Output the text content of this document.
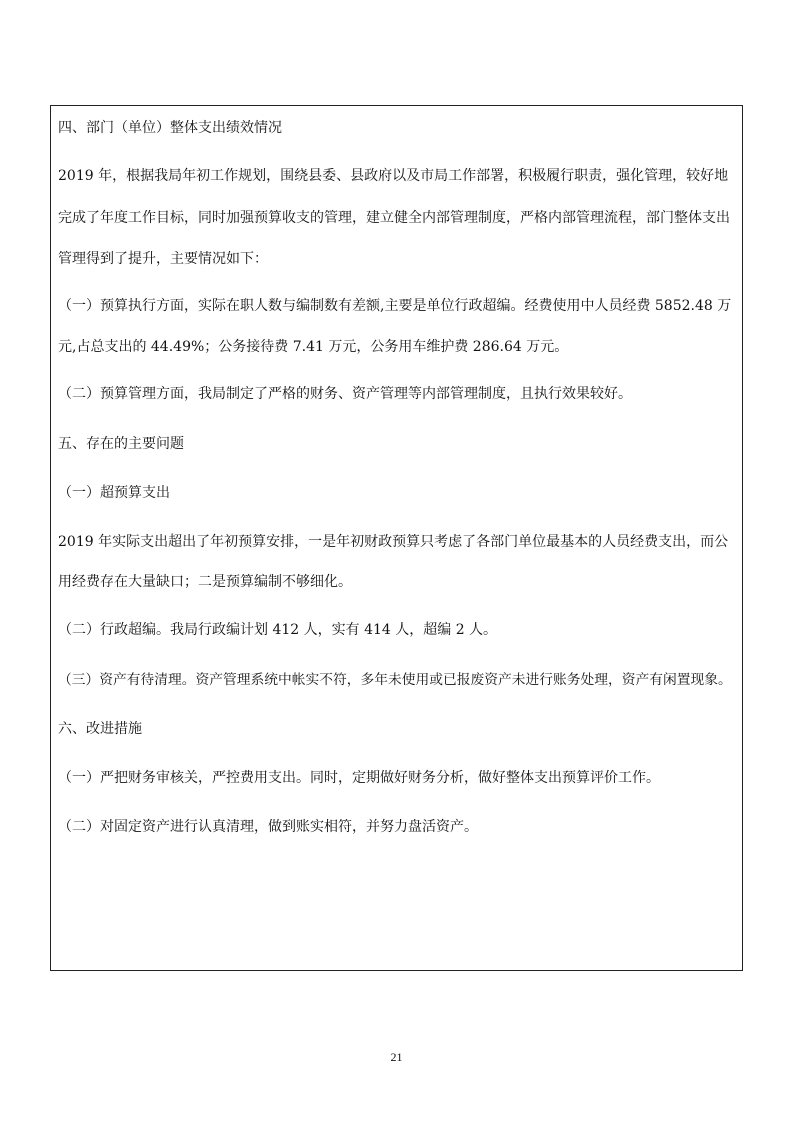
四、部门（单位）整体支出绩效情况
2019 年，根据我局年初工作规划，围绕县委、县政府以及市局工作部署，积极履行职责，强化管理，较好地
完成了年度工作目标，同时加强预算收支的管理，建立健全内部管理制度，严格内部管理流程，部门整体支出
管理得到了提升，主要情况如下：
（一）预算执行方面，实际在职人数与编制数有差额,主要是单位行政超编。经费使用中人员经费 5852.48 万
元,占总支出的 44.49%；公务接待费 7.41 万元，公务用车维护费 286.64 万元。
（二）预算管理方面，我局制定了严格的财务、资产管理等内部管理制度，且执行效果较好。
五、存在的主要问题
（一）超预算支出
2019 年实际支出超出了年初预算安排，一是年初财政预算只考虑了各部门单位最基本的人员经费支出，而公
用经费存在大量缺口；二是预算编制不够细化。
（二）行政超编。我局行政编计划 412 人，实有 414 人，超编 2 人。
（三）资产有待清理。资产管理系统中帐实不符，多年未使用或已报废资产未进行账务处理，资产有闲置现象。
六、改进措施
（一）严把财务审核关，严控费用支出。同时，定期做好财务分析，做好整体支出预算评价工作。
（二）对固定资产进行认真清理，做到账实相符，并努力盘活资产。
21
